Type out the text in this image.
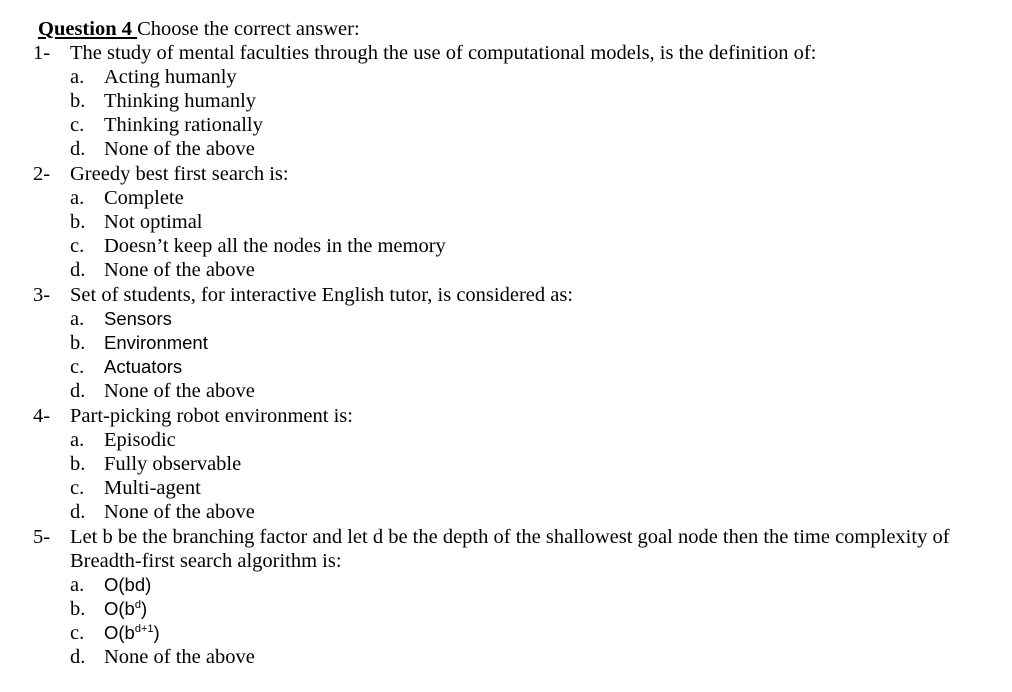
Question 4 Choose the correct answer:
1- The study of mental faculties through the use of computational models, is the definition of:
a. Acting humanly
b. Thinking humanly
c. Thinking rationally
d. None of the above
2- Greedy best first search is:
a. Complete
b. Not optimal
c. Doesn’t keep all the nodes in the memory
d. None of the above
3- Set of students, for interactive English tutor, is considered as:
a. Sensors
b. Environment
c. Actuators
d. None of the above
4- Part-picking robot environment is:
a. Episodic
b. Fully observable
c. Multi-agent
d. None of the above
5- Let b be the branching factor and let d be the depth of the shallowest goal node then the time complexity of
Breadth-first search algorithm is:
a. O(bd)
b. $O(b^d)$
c. $O(b^{d+1})$
d. None of the above
